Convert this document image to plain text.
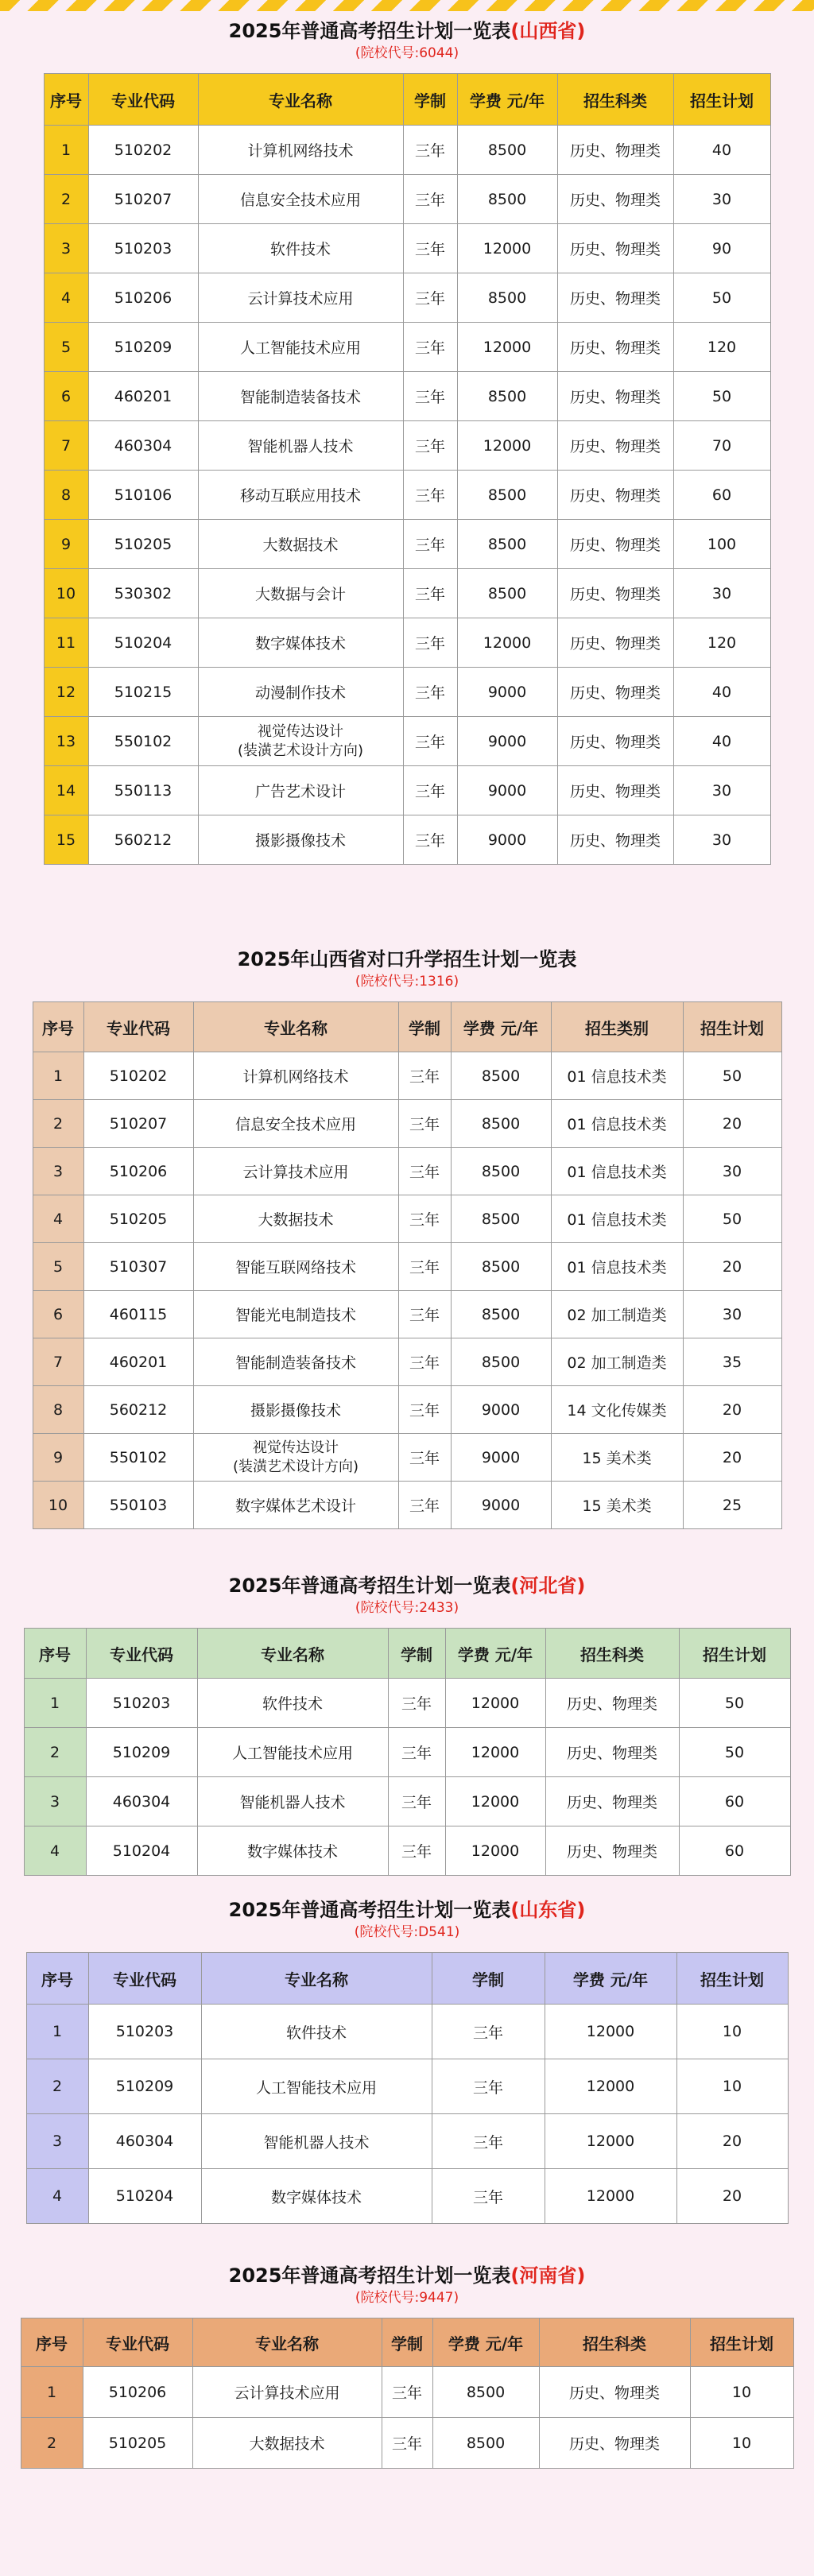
2025年普通高考招生计划一览表(山西省)
(院校代号:6044)
序号	专业代码	专业名称	学制	学费 元/年	招生科类	招生计划
1	510202	计算机网络技术	三年	8500	历史、物理类	40
2	510207	信息安全技术应用	三年	8500	历史、物理类	30
3	510203	软件技术	三年	12000	历史、物理类	90
4	510206	云计算技术应用	三年	8500	历史、物理类	50
5	510209	人工智能技术应用	三年	12000	历史、物理类	120
6	460201	智能制造装备技术	三年	8500	历史、物理类	50
7	460304	智能机器人技术	三年	12000	历史、物理类	70
8	510106	移动互联应用技术	三年	8500	历史、物理类	60
9	510205	大数据技术	三年	8500	历史、物理类	100
10	530302	大数据与会计	三年	8500	历史、物理类	30
11	510204	数字媒体技术	三年	12000	历史、物理类	120
12	510215	动漫制作技术	三年	9000	历史、物理类	40
13	550102	视觉传达设计
(装潢艺术设计方向)	三年	9000	历史、物理类	40
14	550113	广告艺术设计	三年	9000	历史、物理类	30
15	560212	摄影摄像技术	三年	9000	历史、物理类	30
2025年山西省对口升学招生计划一览表
(院校代号:1316)
序号	专业代码	专业名称	学制	学费 元/年	招生类别	招生计划
1	510202	计算机网络技术	三年	8500	01 信息技术类	50
2	510207	信息安全技术应用	三年	8500	01 信息技术类	20
3	510206	云计算技术应用	三年	8500	01 信息技术类	30
4	510205	大数据技术	三年	8500	01 信息技术类	50
5	510307	智能互联网络技术	三年	8500	01 信息技术类	20
6	460115	智能光电制造技术	三年	8500	02 加工制造类	30
7	460201	智能制造装备技术	三年	8500	02 加工制造类	35
8	560212	摄影摄像技术	三年	9000	14 文化传媒类	20
9	550102	视觉传达设计
(装潢艺术设计方向)	三年	9000	15 美术类	20
10	550103	数字媒体艺术设计	三年	9000	15 美术类	25
2025年普通高考招生计划一览表(河北省)
(院校代号:2433)
序号	专业代码	专业名称	学制	学费 元/年	招生科类	招生计划
1	510203	软件技术	三年	12000	历史、物理类	50
2	510209	人工智能技术应用	三年	12000	历史、物理类	50
3	460304	智能机器人技术	三年	12000	历史、物理类	60
4	510204	数字媒体技术	三年	12000	历史、物理类	60
2025年普通高考招生计划一览表(山东省)
(院校代号:D541)
序号	专业代码	专业名称	学制	学费 元/年	招生计划
1	510203	软件技术	三年	12000	10
2	510209	人工智能技术应用	三年	12000	10
3	460304	智能机器人技术	三年	12000	20
4	510204	数字媒体技术	三年	12000	20
2025年普通高考招生计划一览表(河南省)
(院校代号:9447)
序号	专业代码	专业名称	学制	学费 元/年	招生科类	招生计划
1	510206	云计算技术应用	三年	8500	历史、物理类	10
2	510205	大数据技术	三年	8500	历史、物理类	10
